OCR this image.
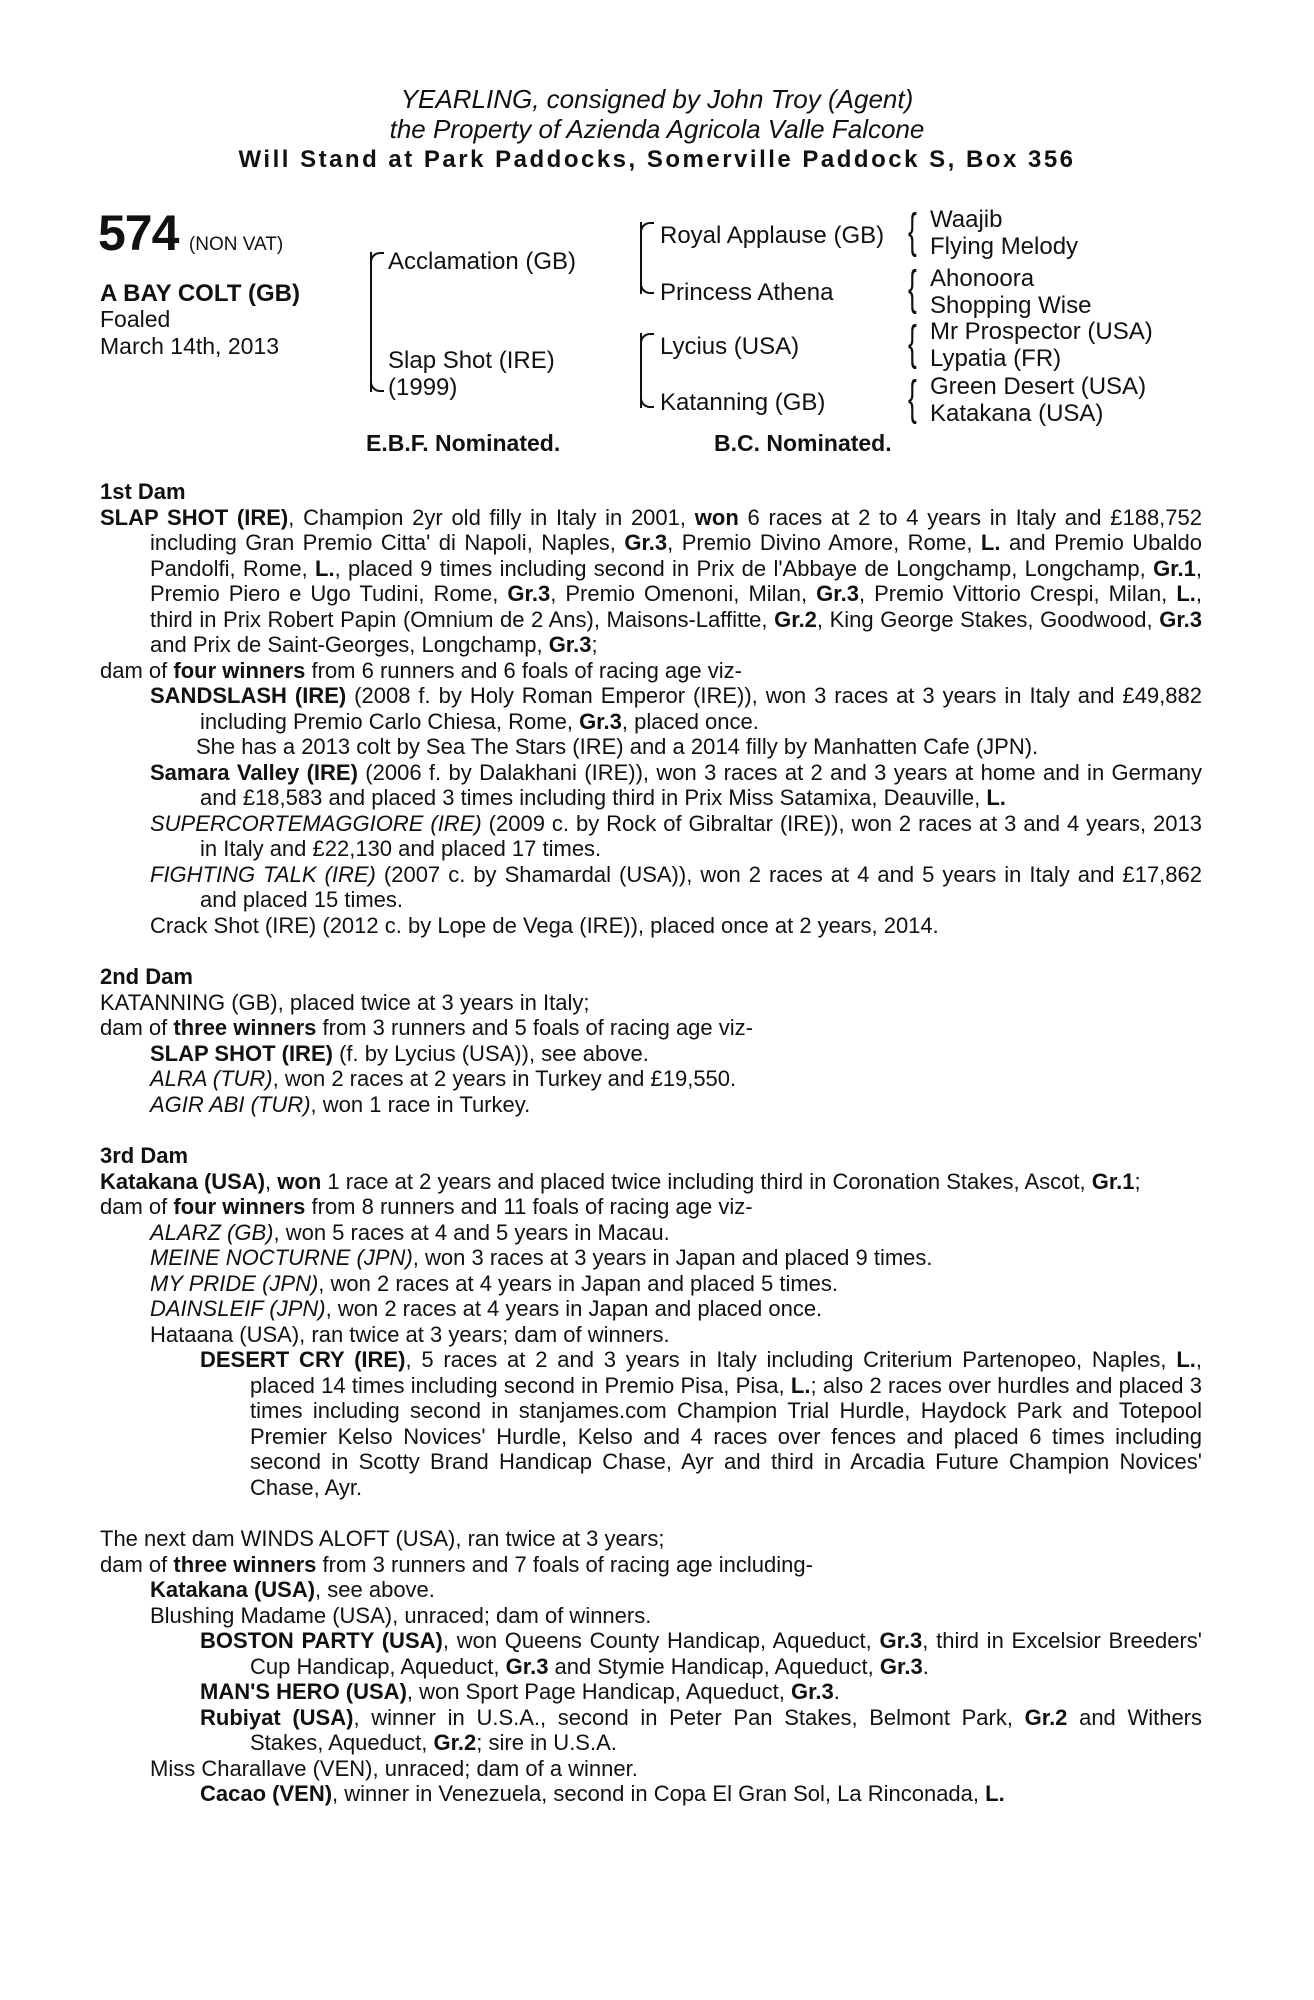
YEARLING, consigned by John Troy (Agent)
the Property of Azienda Agricola Valle Falcone
Will Stand at Park Paddocks, Somerville Paddock S, Box 356
574 (NON VAT)
A BAY COLT (GB)
Foaled
March 14th, 2013
Acclamation (GB)
Slap Shot (IRE)
(1999)
Royal Applause (GB)
Princess Athena
Lycius (USA)
Katanning (GB)
{ Waajib
Flying Melody
{ Ahonoora
Shopping Wise
{ Mr Prospector (USA)
Lypatia (FR)
{ Green Desert (USA)
Katakana (USA)
E.B.F. Nominated.	B.C. Nominated.
1st Dam

SLAP SHOT (IRE), Champion 2yr old filly in Italy in 2001, won 6 races at 2 to 4 years in Italy and £188,752 including Gran Premio Citta' di Napoli, Naples, Gr.3, Premio Divino Amore, Rome, L. and Premio Ubaldo Pandolfi, Rome, L., placed 9 times including second in Prix de l'Abbaye de Longchamp, Longchamp, Gr.1, Premio Piero e Ugo Tudini, Rome, Gr.3, Premio Omenoni, Milan, Gr.3, Premio Vittorio Crespi, Milan, L., third in Prix Robert Papin (Omnium de 2 Ans), Maisons-Laffitte, Gr.2, King George Stakes, Goodwood, Gr.3 and Prix de Saint-Georges, Longchamp, Gr.3;

dam of four winners from 6 runners and 6 foals of racing age viz-

SANDSLASH (IRE) (2008 f. by Holy Roman Emperor (IRE)), won 3 races at 3 years in Italy and £49,882 including Premio Carlo Chiesa, Rome, Gr.3, placed once.

She has a 2013 colt by Sea The Stars (IRE) and a 2014 filly by Manhatten Cafe (JPN).

Samara Valley (IRE) (2006 f. by Dalakhani (IRE)), won 3 races at 2 and 3 years at home and in Germany and £18,583 and placed 3 times including third in Prix Miss Satamixa, Deauville, L.

SUPERCORTEMAGGIORE (IRE) (2009 c. by Rock of Gibraltar (IRE)), won 2 races at 3 and 4 years, 2013 in Italy and £22,130 and placed 17 times.

FIGHTING TALK (IRE) (2007 c. by Shamardal (USA)), won 2 races at 4 and 5 years in Italy and £17,862 and placed 15 times.

Crack Shot (IRE) (2012 c. by Lope de Vega (IRE)), placed once at 2 years, 2014.

2nd Dam

KATANNING (GB), placed twice at 3 years in Italy;

dam of three winners from 3 runners and 5 foals of racing age viz-

SLAP SHOT (IRE) (f. by Lycius (USA)), see above.

ALRA (TUR), won 2 races at 2 years in Turkey and £19,550.

AGIR ABI (TUR), won 1 race in Turkey.

3rd Dam

Katakana (USA), won 1 race at 2 years and placed twice including third in Coronation Stakes, Ascot, Gr.1;

dam of four winners from 8 runners and 11 foals of racing age viz-

ALARZ (GB), won 5 races at 4 and 5 years in Macau.

MEINE NOCTURNE (JPN), won 3 races at 3 years in Japan and placed 9 times.

MY PRIDE (JPN), won 2 races at 4 years in Japan and placed 5 times.

DAINSLEIF (JPN), won 2 races at 4 years in Japan and placed once.

Hataana (USA), ran twice at 3 years; dam of winners.

DESERT CRY (IRE), 5 races at 2 and 3 years in Italy including Criterium Partenopeo, Naples, L., placed 14 times including second in Premio Pisa, Pisa, L.; also 2 races over hurdles and placed 3 times including second in stanjames.com Champion Trial Hurdle, Haydock Park and Totepool Premier Kelso Novices' Hurdle, Kelso and 4 races over fences and placed 6 times including second in Scotty Brand Handicap Chase, Ayr and third in Arcadia Future Champion Novices' Chase, Ayr.

The next dam WINDS ALOFT (USA), ran twice at 3 years;

dam of three winners from 3 runners and 7 foals of racing age including-

Katakana (USA), see above.

Blushing Madame (USA), unraced; dam of winners.

BOSTON PARTY (USA), won Queens County Handicap, Aqueduct, Gr.3, third in Excelsior Breeders' Cup Handicap, Aqueduct, Gr.3 and Stymie Handicap, Aqueduct, Gr.3.

MAN'S HERO (USA), won Sport Page Handicap, Aqueduct, Gr.3.

Rubiyat (USA), winner in U.S.A., second in Peter Pan Stakes, Belmont Park, Gr.2 and Withers Stakes, Aqueduct, Gr.2; sire in U.S.A.

Miss Charallave (VEN), unraced; dam of a winner.

Cacao (VEN), winner in Venezuela, second in Copa El Gran Sol, La Rinconada, L.
